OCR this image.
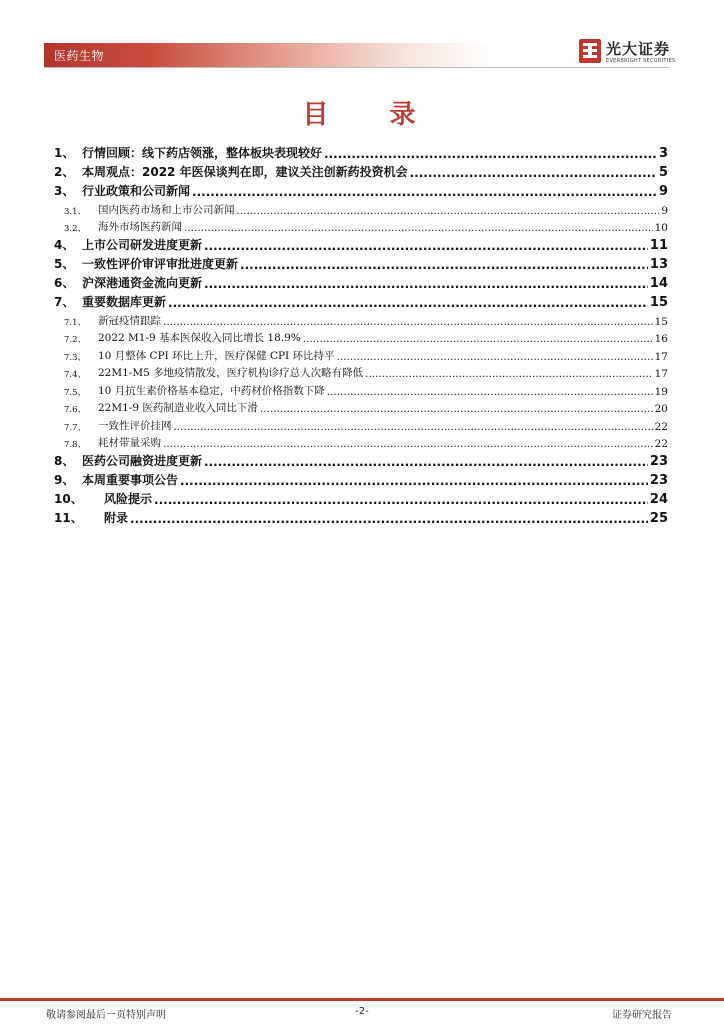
医药生物	光大证券
EVERBRIGHT SECURITIES
目 录
1、 行情回顾：线下药店领涨，整体板块表现较好 .....	3
2、 本周观点：2022 年医保谈判在即，建议关注创新药投资机会 .....	5
3、 行业政策和公司新闻 .....	9
3.1、	国内医药市场和上市公司新闻 .....	9
3.2、	海外市场医药新闻 .....	10
4、 上市公司研发进度更新 .....	11
5、 一致性评价审评审批进度更新 .....	13
6、 沪深港通资金流向更新 .....	14
7、 重要数据库更新 .....	15
7.1、	新冠疫情跟踪 .....	15
7.2、	2022 M1-9 基本医保收入同比增长 18.9% .....	16
7.3、	10 月整体 CPI 环比上升，医疗保健 CPI 环比持平 .....	17
7.4、	22M1-M5 多地疫情散发，医疗机构诊疗总人次略有降低 .....	17
7.5、	10 月抗生素价格基本稳定，中药材价格指数下降 .....	19
7.6、	22M1-9 医药制造业收入同比下滑 .....	20
7.7、	一致性评价挂网 .....	22
7.8、	耗材带量采购 .....	22
8、 医药公司融资进度更新 .....	23
9、 本周重要事项公告 .....	23
10、	风险提示 .....	24
11、	附录 .....	25
敬请参阅最后一页特别声明	-2-	证券研究报告
